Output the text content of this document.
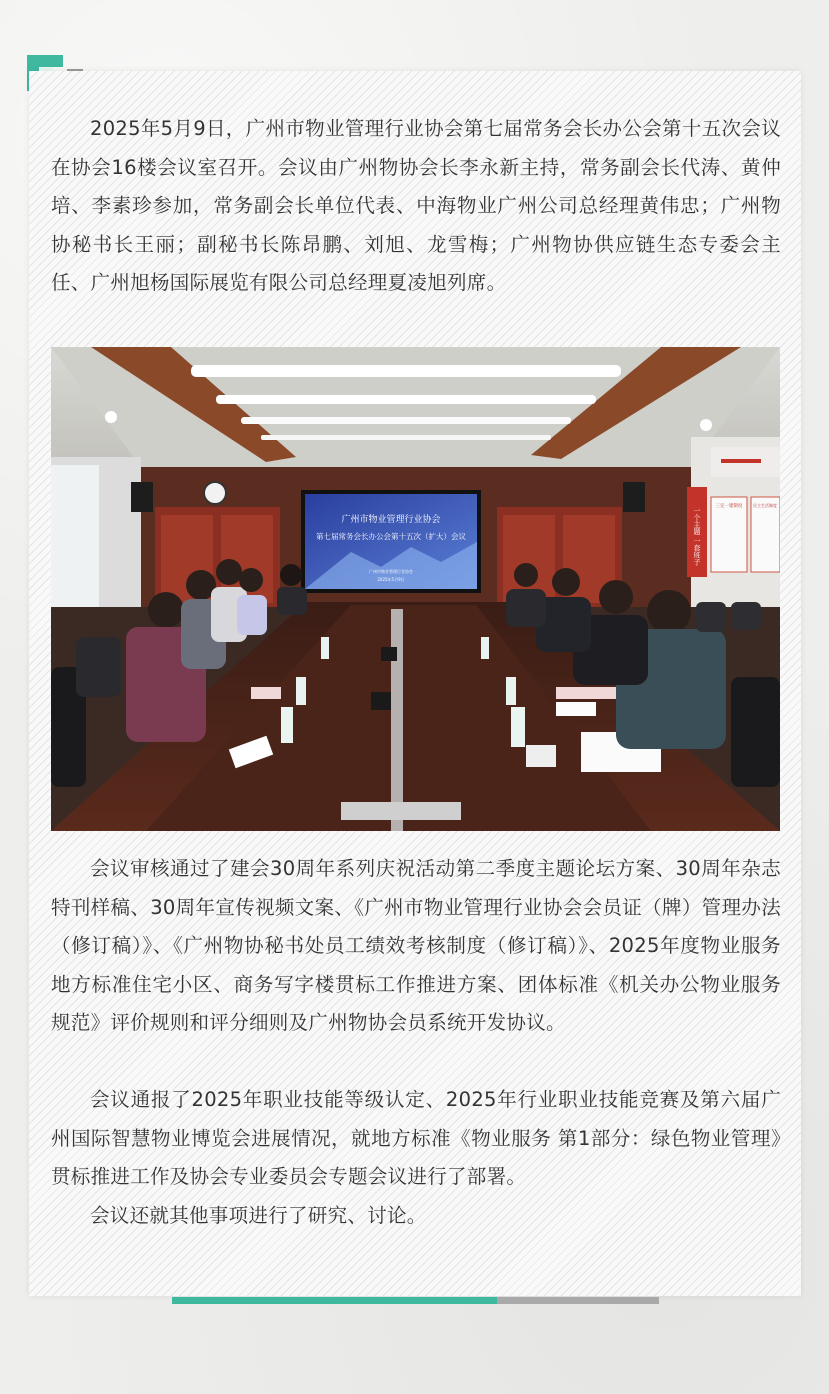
2025年5月9日，广州市物业管理行业协会第七届常务会长办公会第十五次会议在协会16楼会议室召开。会议由广州物协会长李永新主持，常务副会长代涛、黄仲培、李素珍参加，常务副会长单位代表、中海物业广州公司总经理黄伟忠；广州物协秘书长王丽；副秘书长陈昂鹏、刘旭、龙雪梅；广州物协供应链生态专委会主任、广州旭杨国际展览有限公司总经理夏凌旭列席。

广州市物业管理行业协会
第七届常务会长办公会第十五次（扩大）会议
广州市物业管理行业协会
2025年5月9日
一个主题 一套班子
三定一建制度	民主生活制度

会议审核通过了建会30周年系列庆祝活动第二季度主题论坛方案、30周年杂志特刊样稿、30周年宣传视频文案、《广州市物业管理行业协会会员证（牌）管理办法（修订稿）》、《广州物协秘书处员工绩效考核制度（修订稿）》、2025年度物业服务地方标准住宅小区、商务写字楼贯标工作推进方案、团体标准《机关办公物业服务规范》评价规则和评分细则及广州物协会员系统开发协议。

会议通报了2025年职业技能等级认定、2025年行业职业技能竞赛及第六届广州国际智慧物业博览会进展情况，就地方标准《物业服务 第1部分：绿色物业管理》贯标推进工作及协会专业委员会专题会议进行了部署。

会议还就其他事项进行了研究、讨论。
